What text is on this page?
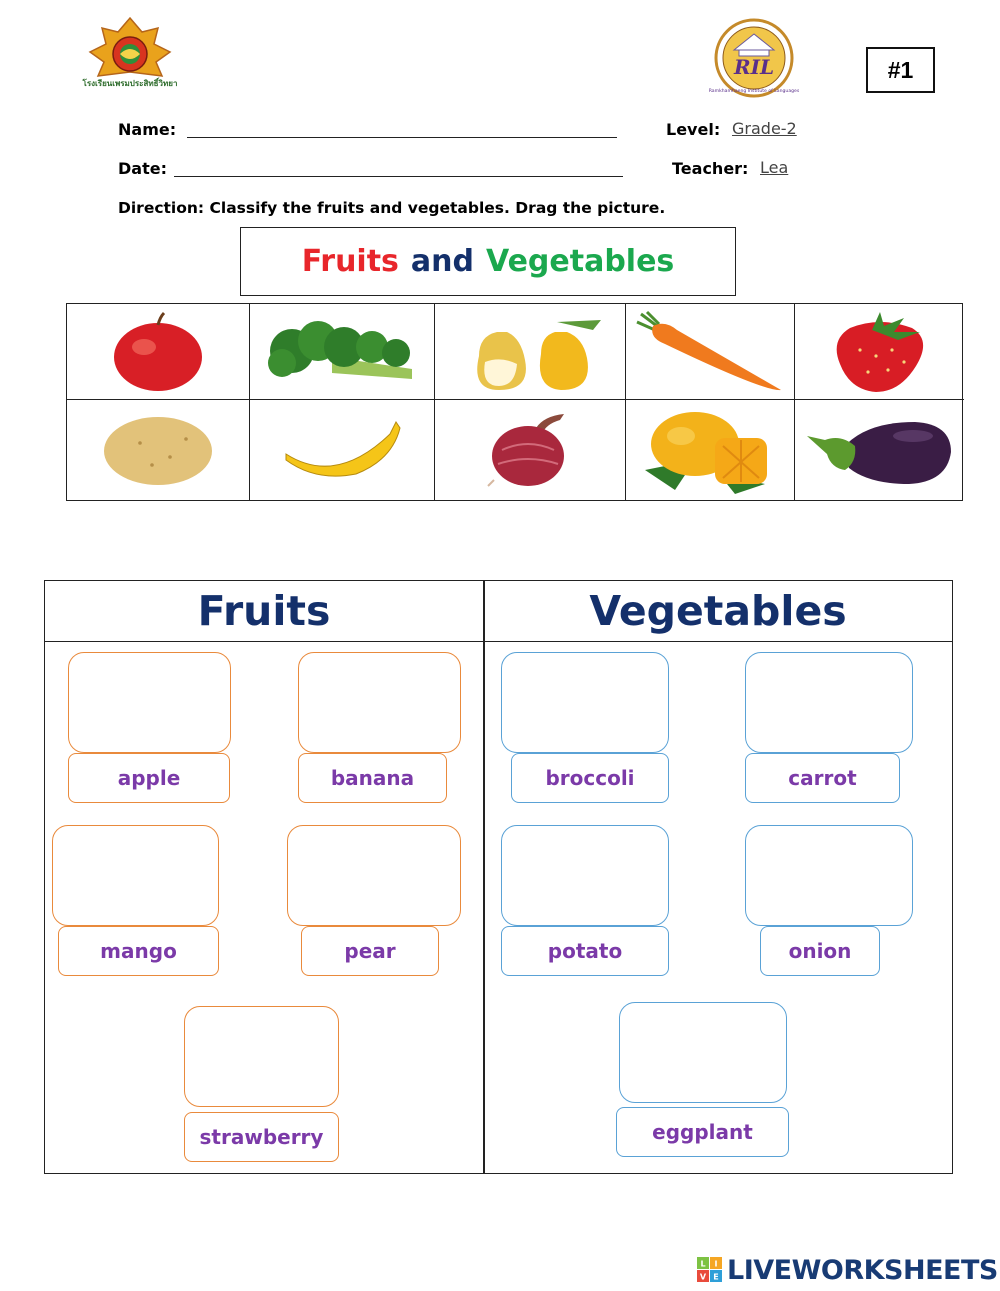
โรงเรียนเพรมประสิทธิ์วิทยา
RIL
Ramkhamhaeng Institute of Languages
#1
Name:	Level: Grade-2
Date:	Teacher: Lea
Direction: Classify the fruits and vegetables. Drag the picture.
Fruits and Vegetables
Fruits	Vegetables
apple	banana
mango	pear
strawberry
broccoli	carrot
potato	onion
eggplant
L I
V E LIVEWORKSHEETS
